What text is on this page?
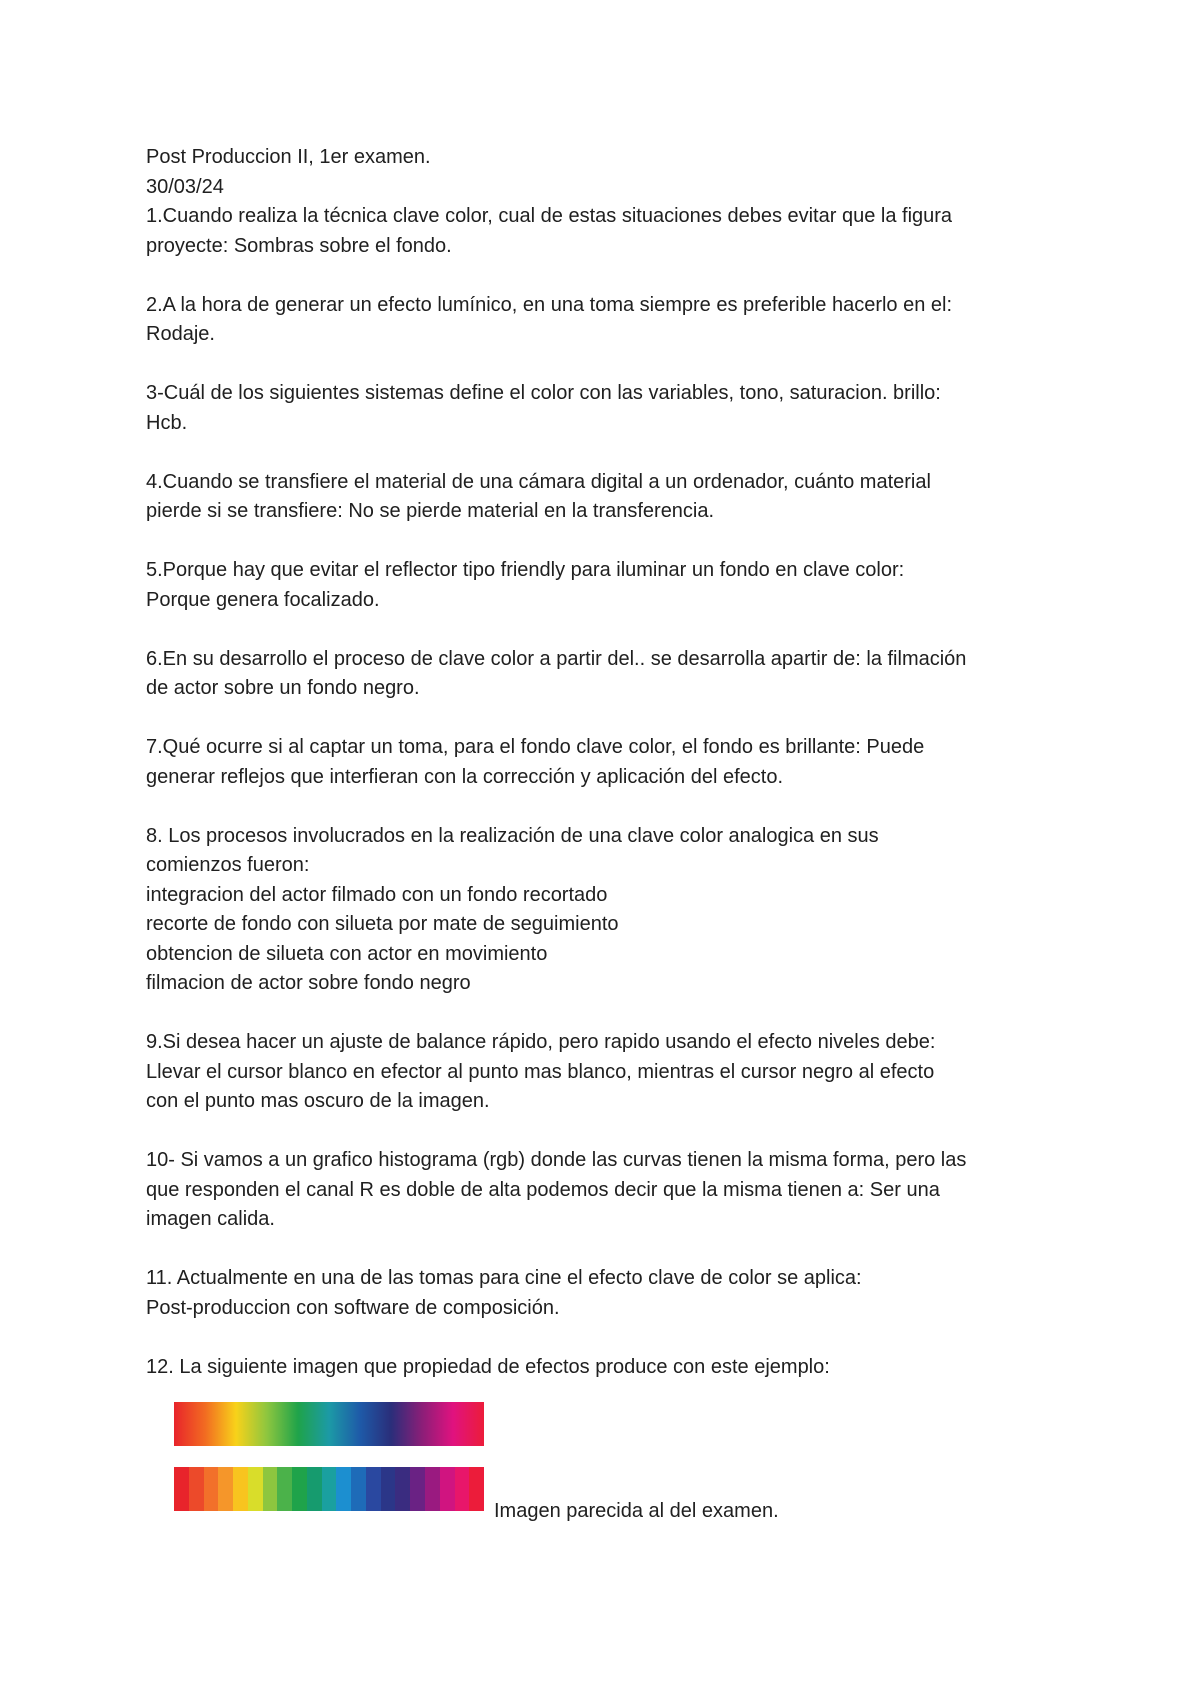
Post Produccion II, 1er examen.
30/03/24
1.Cuando realiza la técnica clave color, cual de estas situaciones debes evitar que la figura
proyecte: Sombras sobre el fondo.
2.A la hora de generar un efecto lumínico, en una toma siempre es preferible hacerlo en el:
Rodaje.
3-Cuál de los siguientes sistemas define el color con las variables, tono, saturacion. brillo:
Hcb.
4.Cuando se transfiere el material de una cámara digital a un ordenador, cuánto material
pierde si se transfiere: No se pierde material en la transferencia.
5.Porque hay que evitar el reflector tipo friendly para iluminar un fondo en clave color:
Porque genera focalizado.
6.En su desarrollo el proceso de clave color a partir del.. se desarrolla apartir de: la filmación
de actor sobre un fondo negro.
7.Qué ocurre si al captar un toma, para el fondo clave color, el fondo es brillante: Puede
generar reflejos que interfieran con la corrección y aplicación del efecto.
8. Los procesos involucrados en la realización de una clave color analogica en sus
comienzos fueron:
integracion del actor filmado con un fondo recortado
recorte de fondo con silueta por mate de seguimiento
obtencion de silueta con actor en movimiento
filmacion de actor sobre fondo negro
9.Si desea hacer un ajuste de balance rápido, pero rapido usando el efecto niveles debe:
Llevar el cursor blanco en efector al punto mas blanco, mientras el cursor negro al efecto
con el punto mas oscuro de la imagen.
10- Si vamos a un grafico histograma (rgb) donde las curvas tienen la misma forma, pero las
que responden el canal R es doble de alta podemos decir que la misma tienen a: Ser una
imagen calida.
11. Actualmente en una de las tomas para cine el efecto clave de color se aplica:
Post-produccion con software de composición.
12. La siguiente imagen que propiedad de efectos produce con este ejemplo:
Imagen parecida al del examen.
